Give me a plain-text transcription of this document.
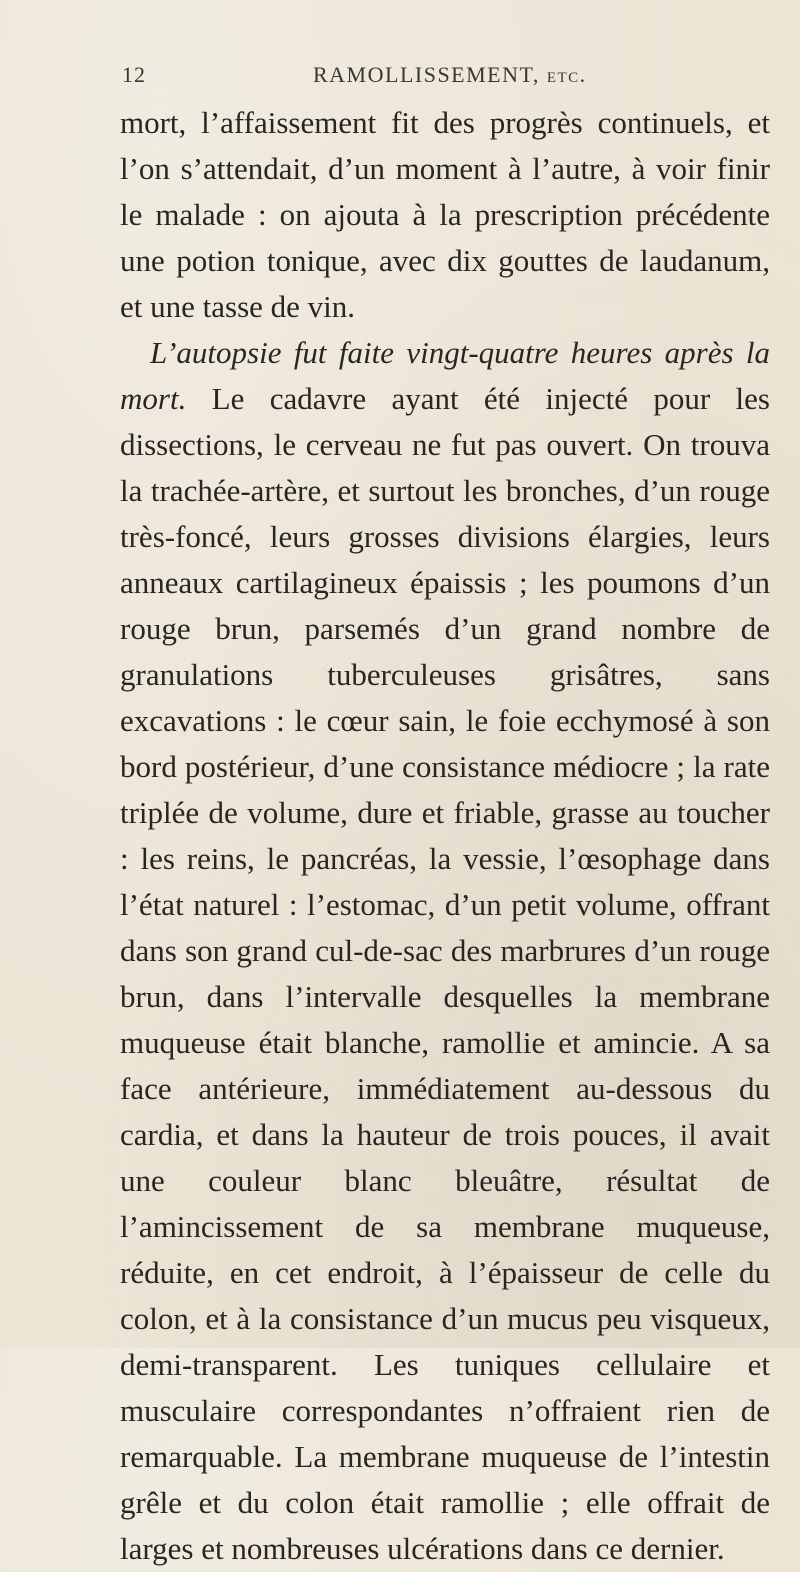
12	RAMOLLISSEMENT, etc.

mort, l’affaissement fit des progrès continuels, et l’on s’attendait, d’un moment à l’autre, à voir finir le malade : on ajouta à la prescription précédente une potion tonique, avec dix gouttes de laudanum, et une tasse de vin.

L’autopsie fut faite vingt-quatre heures après la mort. Le cadavre ayant été injecté pour les dissections, le cerveau ne fut pas ouvert. On trouva la trachée-artère, et surtout les bronches, d’un rouge très-foncé, leurs grosses divisions élargies, leurs anneaux cartilagineux épaissis ; les poumons d’un rouge brun, parsemés d’un grand nombre de granulations tuberculeuses grisâtres, sans excavations : le cœur sain, le foie ecchymosé à son bord postérieur, d’une consistance médiocre ; la rate triplée de volume, dure et friable, grasse au toucher : les reins, le pancréas, la vessie, l’œsophage dans l’état naturel : l’estomac, d’un petit volume, offrant dans son grand cul-de-sac des marbrures d’un rouge brun, dans l’intervalle desquelles la membrane muqueuse était blanche, ramollie et amincie. A sa face antérieure, immédiatement au-dessous du cardia, et dans la hauteur de trois pouces, il avait une couleur blanc bleuâtre, résultat de l’amincissement de sa membrane muqueuse, réduite, en cet endroit, à l’épaisseur de celle du colon, et à la consistance d’un mucus peu visqueux, demi-transparent. Les tuniques cellulaire et musculaire correspondantes n’offraient rien de remarquable. La membrane muqueuse de l’intestin grêle et du colon était ramollie ; elle offrait de larges et nombreuses ulcérations dans ce dernier.
